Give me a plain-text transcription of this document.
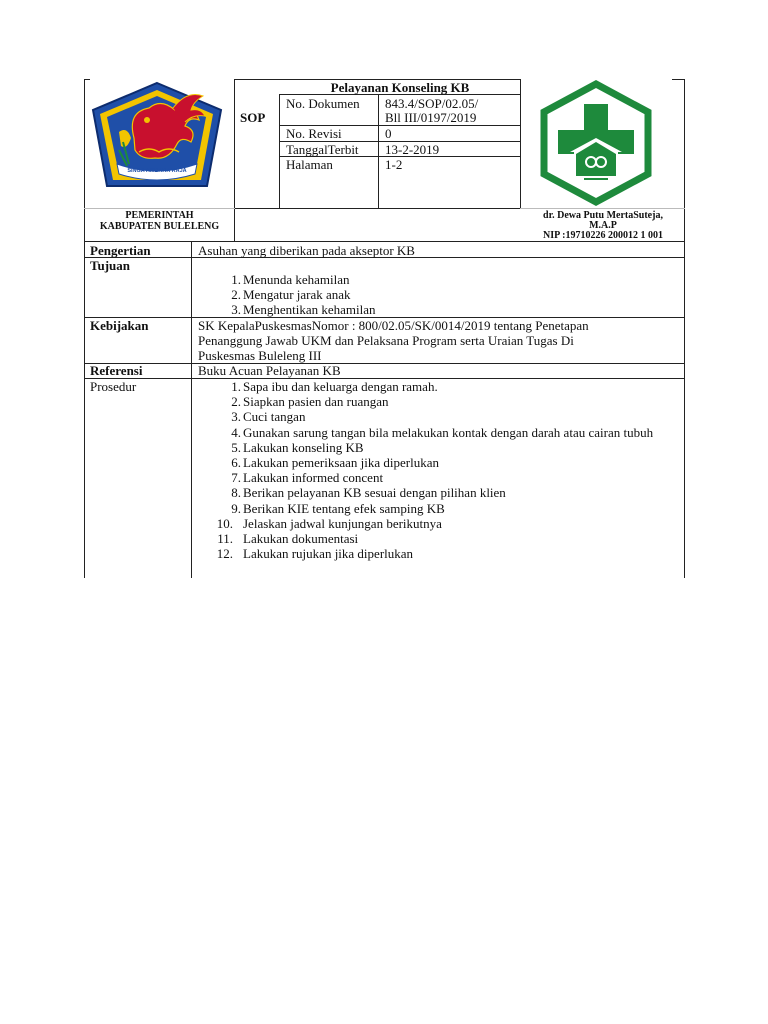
Pelayanan Konseling KB
SOP
No. Dokumen 843.4/SOP/02.05/
Bll III/0197/2019
No. Revisi	0
TanggalTerbit 13-2-2019
Halaman	1-2
SINGA AMBARA RAJA
PEMERINTAH
KABUPATEN BULELENG
dr. Dewa Putu MertaSuteja,
M.A.P
NIP :19710226 200012 1 001
Pengertian	Asuhan yang diberikan pada akseptor KB
Tujuan
1. Menunda kehamilan
2. Mengatur jarak anak
3. Menghentikan kehamilan
Kebijakan	SK KepalaPuskesmasNomor : 800/02.05/SK/0014/2019 tentang Penetapan
Penanggung Jawab UKM dan Pelaksana Program serta Uraian Tugas Di
Puskesmas Buleleng III
Referensi	Buku Acuan Pelayanan KB
Prosedur	1. Sapa ibu dan keluarga dengan ramah.
2. Siapkan pasien dan ruangan
3. Cuci tangan
4. Gunakan sarung tangan bila melakukan kontak dengan darah atau cairan tubuh
5. Lakukan konseling KB
6. Lakukan pemeriksaan jika diperlukan
7. Lakukan informed concent
8. Berikan pelayanan KB sesuai dengan pilihan klien
9. Berikan KIE tentang efek samping KB
10. Jelaskan jadwal kunjungan berikutnya
11. Lakukan dokumentasi
12. Lakukan rujukan jika diperlukan
